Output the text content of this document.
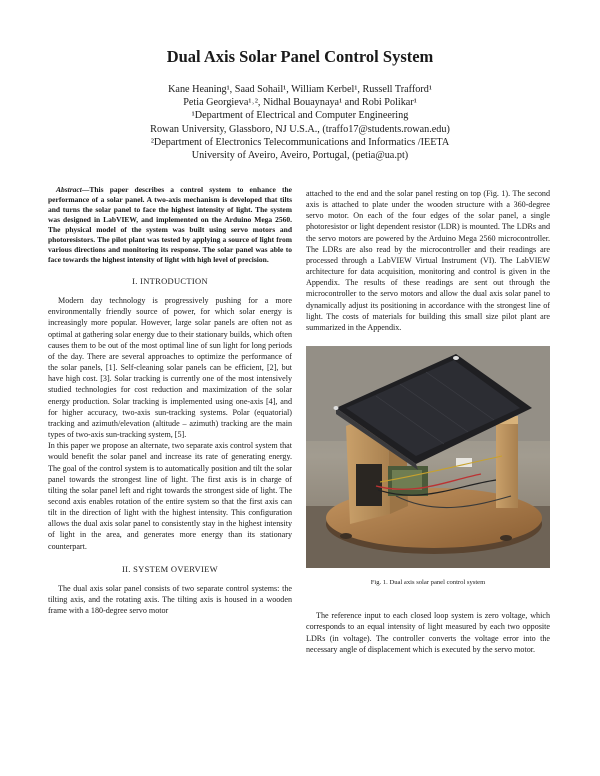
Dual Axis Solar Panel Control System
Kane Heaning¹, Saad Sohail¹, William Kerbel¹, Russell Trafford¹
Petia Georgieva¹˒², Nidhal Bouaynaya¹ and Robi Polikar¹
¹Department of Electrical and Computer Engineering
Rowan University, Glassboro, NJ U.S.A., (traffo17@students.rowan.edu)
²Department of Electronics Telecommunications and Informatics /IEETA
University of Aveiro, Aveiro, Portugal, (petia@ua.pt)

Abstract—This paper describes a control system to enhance the performance of a solar panel. A two-axis mechanism is developed that tilts and turns the solar panel to face the highest intensity of light. The system was designed in LabVIEW, and implemented on the Arduino Mega 2560. The physical model of the system was built using servo motors and photoresistors. The pilot plant was tested by applying a source of light from various directions and monitoring its response. The solar panel was able to face towards the highest intensity of light with high level of precision.

I. INTRODUCTION

Modern day technology is progressively pushing for a more environmentally friendly source of power, for which solar energy is increasingly more popular. However, large solar panels are often not as optimal at gathering solar energy due to their stationary builds, which often causes them to be out of the most optimal line of sun light for long periods of the day. There are several approaches to optimize the performance of the solar panels, [1]. Self-cleaning solar panels can be efficient, [2], but have high cost. [3]. Solar tracking is currently one of the most intensively studied technologies for cost reduction and maximization of the solar energy production. Solar tracking is implemented using one-axis [4], and for higher accuracy, two-axis sun-tracking systems. Polar (equatorial) tracking and azimuth/elevation (altitude – azimuth) tracking are the main types of two-axis sun-tracking system, [5].

In this paper we propose an alternate, two separate axis control system that would benefit the solar panel and increase its rate of generating energy. The goal of the control system is to automatically position and tilt the solar panel towards the strongest line of light. The first axis is in charge of tilting the solar panel left and right towards the strongest side of light. The second axis enables rotation of the entire system so that the first axis can tilt in the direction of light with the highest intensity. This configuration allows the dual axis solar panel to consistently stay in the highest intensity of light in the area, and generates more energy than its stationary counterpart.

II. SYSTEM OVERVIEW

The dual axis solar panel consists of two separate control systems: the tilting axis, and the rotating axis. The tilting axis is housed in a wooden frame with a 180-degree servo motor

attached to the end and the solar panel resting on top (Fig. 1). The second axis is attached to plate under the wooden structure with a 360-degree servo motor. On each of the four edges of the solar panel, a single photoresistor or light dependent resistor (LDR) is mounted. The LDRs and the servo motors are powered by the Arduino Mega 2560 microcontroller. The LDRs are also read by the microcontroller and their readings are processed through a LabVIEW Virtual Instrument (VI). The LabVIEW architecture for data acquisition, monitoring and control is given in the Appendix. The results of these readings are sent out through the microcontroller to the servo motors and allow the dual axis solar panel to dynamically adjust its positioning in accordance with the strongest line of light. The costs of materials for building this small size pilot plant are summarized in the Appendix.

Fig. 1. Dual axis solar panel control system

The reference input to each closed loop system is zero voltage, which corresponds to an equal intensity of light measured by each two opposite LDRs (in voltage). The controller converts the voltage error into the necessary angle of displacement which is executed by the servo motor.
